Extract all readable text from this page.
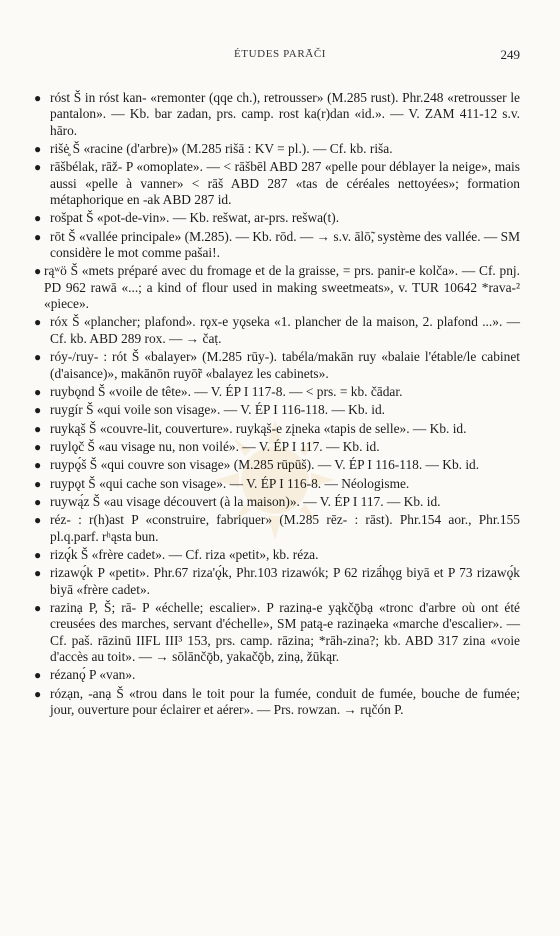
ÉTUDES PARĀČI	249
● róst Š in róst kan- «remonter (qqe ch.), retrousser» (M.285 rust). Phr.248 «retrousser le pantalon». — Kb. bar zadan, prs. camp. rost ka(r)dan «id.». — V. ZAM 411-12 s.v. hāro.
● rišė̥ Š «racine (d'arbre)» (M.285 rišā : KV = pl.). — Cf. kb. riša.
● rāšbélak, rāž- P «omoplate». — < rāšbēl ABD 287 «pelle pour déblayer la neige», mais aussi «pelle à vanner» < rāš ABD 287 «tas de céréales nettoyées»; formation métaphorique en -ak ABD 287 id.
● rošpat Š «pot-de-vin». — Kb. rešwat, ar-prs. rešwa(t).
● rōt Š «vallée principale» (M.285). — Kb. rōd. — → s.v. ālō̃, système des vallée. — SM considère le mot comme pašai!.
● rąʷö Š «mets préparé avec du fromage et de la graisse, = prs. panir-e kolča». — Cf. pnj. PD 962 rawā «...; a kind of flour used in making sweetmeats», v. TUR 10642 *rava-² «piece».
● róx Š «plancher; plafond». rǫx-e yǫseka «1. plancher de la maison, 2. plafond ...». — Cf. kb. ABD 289 rox. — → čaṭ.
● róy-/ruy- : rót Š «balayer» (M.285 rūy-). tabéla/makān ruy «balaie l'étable/le cabinet (d'aisance)», makānōn ruyō̃r «balayez les cabinets».
● ruybǫnd Š «voile de tête». — V. ÉP I 117-8. — < prs. = kb. čādar.
● ruygír Š «qui voile son visage». — V. ÉP I 116-118. — Kb. id.
● ruykąš Š «couvre-lit, couverture». ruykąš-e zįneka «tapis de selle». — Kb. id.
● ruylǫč Š «au visage nu, non voilé». — V. ÉP I 117. — Kb. id.
● ruypǫ́š Š «qui couvre son visage» (M.285 rūpūš). — V. ÉP I 116-118. — Kb. id.
● ruypǫt Š «qui cache son visage». — V. ÉP I 116-8. — Néologisme.
● ruywą́z Š «au visage découvert (à la maison)». — V. ÉP I 117. — Kb. id.
● réz- : r(h)ast P «construire, fabriquer» (M.285 rēz- : rāst). Phr.154 aor., Phr.155 pl.q.parf. rʰąsta bun.
● rizǫ́k Š «frère cadet». — Cf. riza «petit», kb. réza.
● rizawǫ́k P «petit». Phr.67 riza'ǫ́k, Phr.103 rizawók; P 62 rizā́hǫg biyā et P 73 rizawǫ́k biyā «frère cadet».
● razinạ P, Š; rā- P «échelle; escalier». P razinạ-e yąkčǭbạ «tronc d'arbre où ont été creusées des marches, servant d'échelle», SM patą-e razinạeka «marche d'escalier». — Cf. paš. rāzinū IIFL III³ 153, prs. camp. rāzina; *rāh-zina?; kb. ABD 317 zina «voie d'accès au toit». — → sōlānčǭb, yakačǭb, zinạ, žūkąr.
● rézanǫ́ P «van».
● rózạn, -anạ Š «trou dans le toit pour la fumée, conduit de fumée, bouche de fumée; jour, ouverture pour éclairer et aérer». — Prs. rowzan. → rųčón P.
